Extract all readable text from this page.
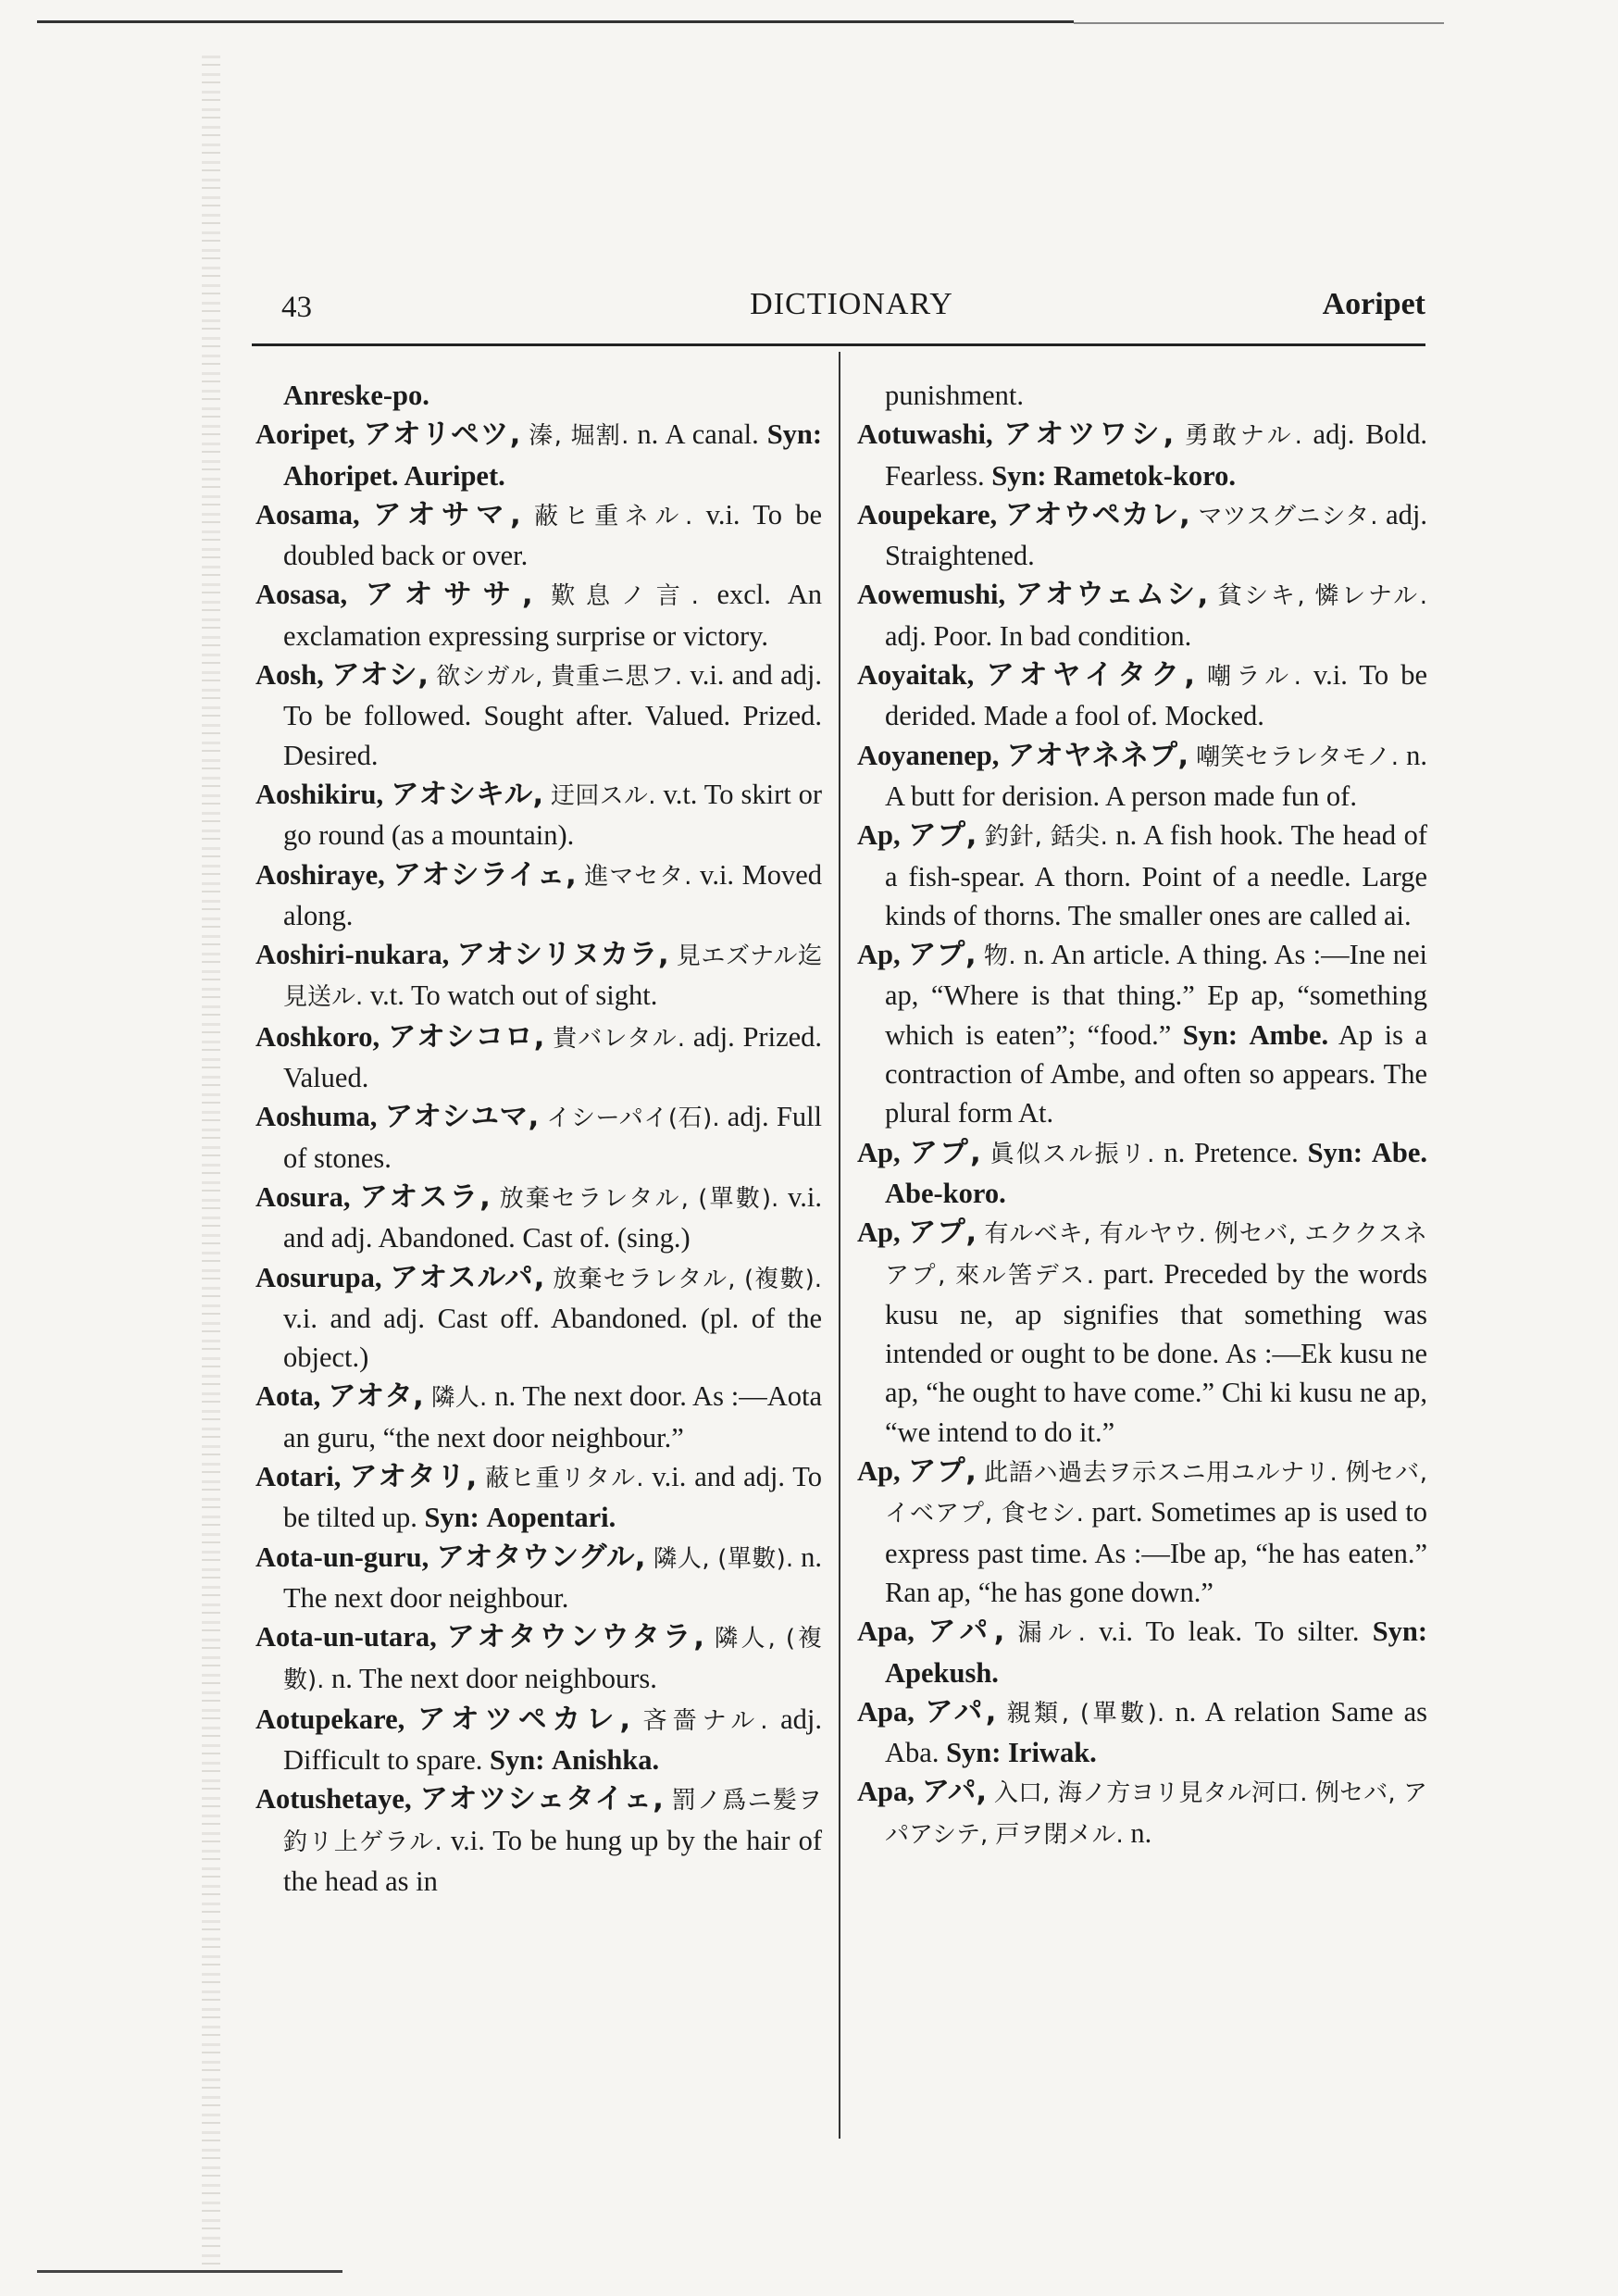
43	DICTIONARY	Aoripet

Anreske-po.

Aoripet, アオリペツ, 溱, 堀割. n. A canal. Syn: Ahoripet. Auripet.

Aosama, アオサマ, 蔽ヒ重ネル. v.i. To be doubled back or over.

Aosasa, アオササ, 歎息ノ言. excl. An exclamation expressing surprise or victory.

Aosh, アオシ, 欲シガル, 貴重ニ思フ. v.i. and adj. To be followed. Sought after. Valued. Prized. Desired.

Aoshikiru, アオシキル, 迂回スル. v.t. To skirt or go round (as a mountain).

Aoshiraye, アオシライェ, 進マセタ. v.i. Moved along.

Aoshiri-nukara, アオシリヌカラ, 見エズナル迄見送ル. v.t. To watch out of sight.

Aoshkoro, アオシコロ, 貴バレタル. adj. Prized. Valued.

Aoshuma, アオシユマ, イシーパイ(石). adj. Full of stones.

Aosura, アオスラ, 放棄セラレタル, (單數). v.i. and adj. Abandoned. Cast of. (sing.)

Aosurupa, アオスルパ, 放棄セラレタル, (複數). v.i. and adj. Cast off. Abandoned. (pl. of the object.)

Aota, アオタ, 隣人. n. The next door. As :—Aota an guru, “the next door neighbour.”

Aotari, アオタリ, 蔽ヒ重リタル. v.i. and adj. To be tilted up. Syn: Aopentari.

Aota-un-guru, アオタウングル, 隣人, (單數). n. The next door neighbour.

Aota-un-utara, アオタウンウタラ, 隣人, (複數). n. The next door neighbours.

Aotupekare, アオツペカレ, 吝嗇ナル. adj. Difficult to spare. Syn: Anishka.

Aotushetaye, アオツシェタイェ, 罰ノ爲ニ髪ヲ釣リ上ゲラル. v.i. To be hung up by the hair of the head as in

punishment.

Aotuwashi, アオツワシ, 勇敢ナル. adj. Bold. Fearless. Syn: Rametok-koro.

Aoupekare, アオウペカレ, マツスグニシタ. adj. Straightened.

Aowemushi, アオウェムシ, 貧シキ, 憐レナル. adj. Poor. In bad condition.

Aoyaitak, アオヤイタク, 嘲ラル. v.i. To be derided. Made a fool of. Mocked.

Aoyanenep, アオヤネネプ, 嘲笑セラレタモノ. n. A butt for derision. A person made fun of.

Ap, アプ, 釣針, 銛尖. n. A fish hook. The head of a fish-spear. A thorn. Point of a needle. Large kinds of thorns. The smaller ones are called ai.

Ap, アプ, 物. n. An article. A thing. As :—Ine nei ap, “Where is that thing.” Ep ap, “something which is eaten”; “food.” Syn: Ambe. Ap is a contraction of Ambe, and often so appears. The plural form At.

Ap, アプ, 眞似スル振リ. n. Pretence. Syn: Abe. Abe-koro.

Ap, アプ, 有ルベキ, 有ルヤウ. 例セバ, エククスネアプ, 來ル筈デス. part. Preceded by the words kusu ne, ap signifies that something was intended or ought to be done. As :—Ek kusu ne ap, “he ought to have come.” Chi ki kusu ne ap, “we intend to do it.”

Ap, アプ, 此語ハ過去ヲ示スニ用ユルナリ. 例セバ, イベアプ, 食セシ. part. Sometimes ap is used to express past time. As :—Ibe ap, “he has eaten.” Ran ap, “he has gone down.”

Apa, アパ, 漏ル. v.i. To leak. To silter. Syn: Apekush.

Apa, アパ, 親類, (單數). n. A relation Same as Aba. Syn: Iriwak.

Apa, アパ, 入口, 海ノ方ヨリ見タル河口. 例セバ, アパアシテ, 戸ヲ閉メル. n.
